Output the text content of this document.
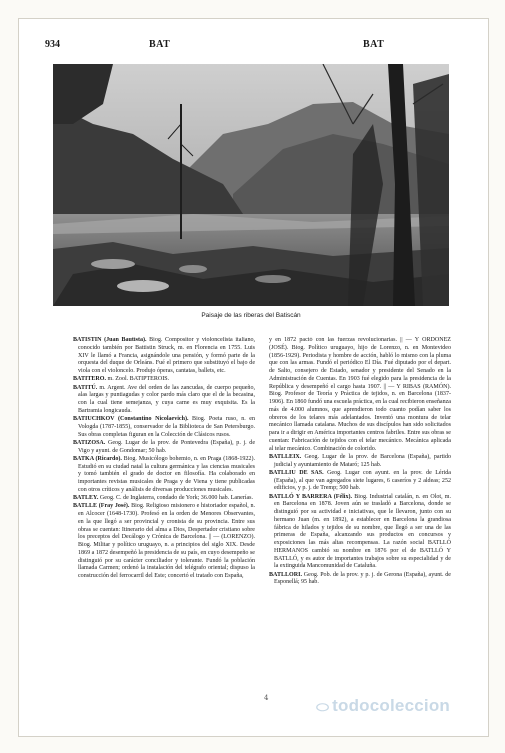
934	BAT	BAT
Paisaje de las riberas del Batiscán

BATISTÍN (Juan Bautista). Biog. Compositor y violoncelista italiano, conocido también por Battistin Struck, m. en Florencia en 1755. Luis XIV le llamó a Francia, asignándole una pensión, y formó parte de la orquesta del duque de Orleáns. Fué el primero que substituyó el bajo de viola con el violoncelo. Produjo óperas, cantatas, ballets, etc.

BATITERO. m. Zool. BATIPTEROIS.

BATITÚ. m. Argent. Ave del orden de las zancudas, de cuerpo pequeño, alas largas y puntiagudas y color pardo más claro que el de la becasina, con la cual tiene semejanza, y cuya carne es muy exquisita. Es la Bartramia longicauda.

BATIUCHKOV (Constantino Nicolaevich). Biog. Poeta ruso, n. en Vologda (1787-1855), conservador de la Biblioteca de San Petersburgo. Sus obras completas figuran en la Colección de Clásicos rusos.

BATIZOSA. Geog. Lugar de la prov. de Pontevedra (España), p. j. de Vigo y ayunt. de Gondomar; 50 hab.

BATKA (Ricardo). Biog. Musicólogo bohemio, n. en Praga (1868-1922). Estudió en su ciudad natal la cultura germánica y las ciencias musicales y tomó también el grado de doctor en filosofía. Ha colaborado en importantes revistas musicales de Praga y de Viena y tiene publicadas con otros críticos y análisis de diversas producciones musicales.

BATLEY. Geog. C. de Inglaterra, condado de York; 36.000 hab. Lanerías.

BATLLE (Fray José). Biog. Religioso misionero e historiador español, n. en Alcocer (1648-1730). Profesó en la orden de Menores Observantes, en la que llegó a ser provincial y cronista de su provincia. Entre sus obras se cuentan: Itinerario del alma a Dios, Despertador cristiano sobre los preceptos del Decálogo y Crónica de Barcelona. || — (LORENZO). Biog. Militar y político uruguayo, n. a principios del siglo XIX. Desde 1869 a 1872 desempeñó la presidencia de su país, en cuyo desempeño se distinguió por su carácter conciliador y tolerante. Fundó la población llamada Carmen; ordenó la instalación del telégrafo oriental; dispuso la construcción del ferrocarril del Este; concertó el tratado con España,

y en 1872 pactó con las fuerzas revolucionarias. || — Y ORDÓÑEZ (JOSÉ). Biog. Político uruguayo, hijo de Lorenzo, n. en Montevideo (1856-1929). Periodista y hombre de acción, habló lo mismo con la pluma que con las armas. Fundó el periódico El Día. Fué diputado por el depart. de Salto, consejero de Estado, senador y presidente del Senado en la Administración de Cuentas. En 1903 fué elegido para la presidencia de la República y desempeñó el cargo hasta 1907. || — Y RIBAS (RAMÓN). Biog. Profesor de Teoría y Práctica de tejidos, n. en Barcelona (1837-1906). En 1860 fundó una escuela práctica, en la cual recibieron enseñanza más de 4.000 alumnos, que aprendieron todo cuanto podían saber los obreros de los telares más adelantados. Inventó una montura de telar mecánico llamada catalana. Muchos de sus discípulos han sido solicitados para ir a dirigir en América importantes centros fabriles. Entre sus obras se cuentan: Fabricación de tejidos con el telar mecánico. Mecánica aplicada al telar mecánico. Combinación de colorido.

BATLLEIX. Geog. Lugar de la prov. de Barcelona (España), partido judicial y ayuntamiento de Mataró; 125 hab.

BATLLIU DE SAS. Geog. Lugar con ayunt. en la prov. de Lérida (España), al que van agregados siete lugares, 6 caseríos y 2 aldeas; 252 edificios, y p. j. de Tremp; 500 hab.

BATLLÓ Y BARRERA (Félix). Biog. Industrial catalán, n. en Olot, m. en Barcelona en 1878. Joven aún se trasladó a Barcelona, donde se distinguió por su actividad e iniciativas, que le llevaron, junto con su hermano Juan (m. en 1892), a establecer en Barcelona la grandiosa fábrica de hilados y tejidos de su nombre, que llegó a ser una de las primeras de España, alcanzando sus productos en concursos y exposiciones las más altas recompensas. La razón social BATLLÓ HERMANOS cambió su nombre en 1876 por el de BATLLÓ Y BATLLÓ, y es autor de importantes trabajos sobre su especialidad y de la extinguida Mancomunidad de Cataluña.

BATLLORI. Geog. Pob. de la prov. y p. j. de Gerona (España), ayunt. de Esponellá; 95 hab.

4
⬭ todocoleccion
